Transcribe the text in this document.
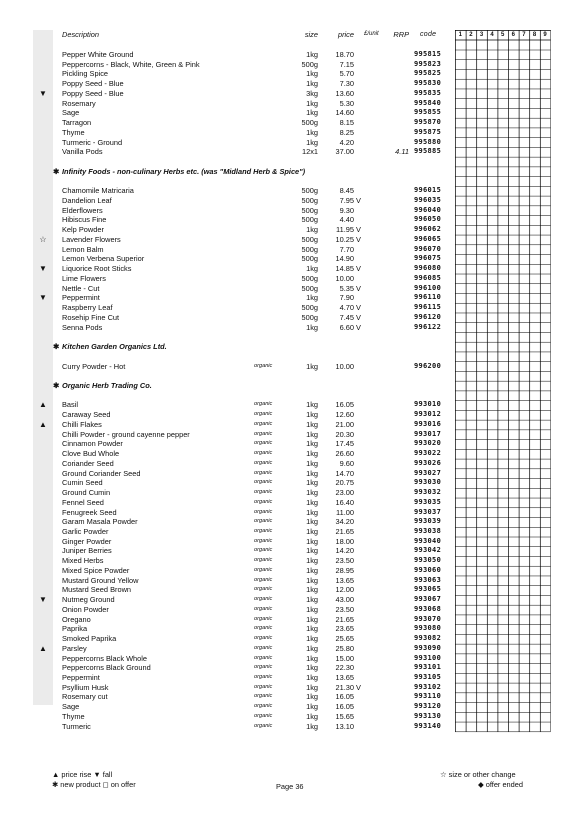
Description	size	price £/unit	RRP code
Pepper White Ground	1kg	18.70	995815
Peppercorns - Black, White, Green & Pink	500g	7.15	995823
Pickling Spice	1kg	5.70	995825
Poppy Seed - Blue	1kg	7.30	995830
▼	Poppy Seed - Blue	3kg	13.60	995835
Rosemary	1kg	5.30	995840
Sage	1kg	14.60	995855
Tarragon	500g	8.15	995870
Thyme	1kg	8.25	995875
Turmeric - Ground	1kg	4.20	995880
Vanilla Pods	12x1	37.00	4.11 995885
✱ Infinity Foods - non-culinary Herbs etc. (was "Midland Herb & Spice")
Chamomile Matricaria	500g	8.45	996015
Dandelion Leaf	500g	7.95 V	996035
Elderflowers	500g	9.30	996040
Hibiscus Fine	500g	4.40	996050
Kelp Powder	1kg	11.95 V	996062
☆	Lavender Flowers	500g	10.25 V	996065
Lemon Balm	500g	7.70	996070
Lemon Verbena Superior	500g	14.90	996075
▼	Liquorice Root Sticks	1kg	14.85 V	996080
Lime Flowers	500g	10.00	996085
Nettle - Cut	500g	5.35 V	996100
▼	Peppermint	1kg	7.90	996110
Raspberry Leaf	500g	4.70 V	996115
Rosehip Fine Cut	500g	7.45 V	996120
Senna Pods	1kg	6.60 V	996122
✱ Kitchen Garden Organics Ltd.
Curry Powder - Hot	organic	1kg	10.00	996200
✱ Organic Herb Trading Co.
▲	Basil	organic	1kg	16.05	993010
Caraway Seed	organic	1kg	12.60	993012
▲	Chilli Flakes	organic	1kg	21.00	993016
Chilli Powder - ground cayenne pepper	organic	1kg	20.30	993017
Cinnamon Powder	organic	1kg	17.45	993020
Clove Bud Whole	organic	1kg	26.60	993022
Coriander Seed	organic	1kg	9.60	993026
Ground Coriander Seed	organic	1kg	14.70	993027
Cumin Seed	organic	1kg	20.75	993030
Ground Cumin	organic	1kg	23.00	993032
Fennel Seed	organic	1kg	16.40	993035
Fenugreek Seed	organic	1kg	11.00	993037
Garam Masala Powder	organic	1kg	34.20	993039
Garlic Powder	organic	1kg	21.65	993038
Ginger Powder	organic	1kg	18.00	993040
Juniper Berries	organic	1kg	14.20	993042
Mixed Herbs	organic	1kg	23.50	993050
Mixed Spice Powder	organic	1kg	28.95	993060
Mustard Ground Yellow	organic	1kg	13.65	993063
Mustard Seed Brown	organic	1kg	12.00	993065
▼	Nutmeg Ground	organic	1kg	43.00	993067
Onion Powder	organic	1kg	23.50	993068
Oregano	organic	1kg	21.65	993070
Paprika	organic	1kg	23.65	993080
Smoked Paprika	organic	1kg	25.65	993082
▲	Parsley	organic	1kg	25.80	993090
Peppercorns Black Whole	organic	1kg	15.00	993100
Peppercorns Black Ground	organic	1kg	22.30	993101
Peppermint	organic	1kg	13.65	993105
Psyllium Husk	organic	1kg	21.30 V	993102
Rosemary cut	organic	1kg	16.05	993110
Sage	organic	1kg	16.05	993120
Thyme	organic	1kg	15.65	993130
Turmeric	organic	1kg	13.10	993140
1	2	3	4	5	6	7	8	9
▲ price rise ▼ fall
✱ new product ◻ on offer	Page 36
☆ size or other change
◆ offer ended
